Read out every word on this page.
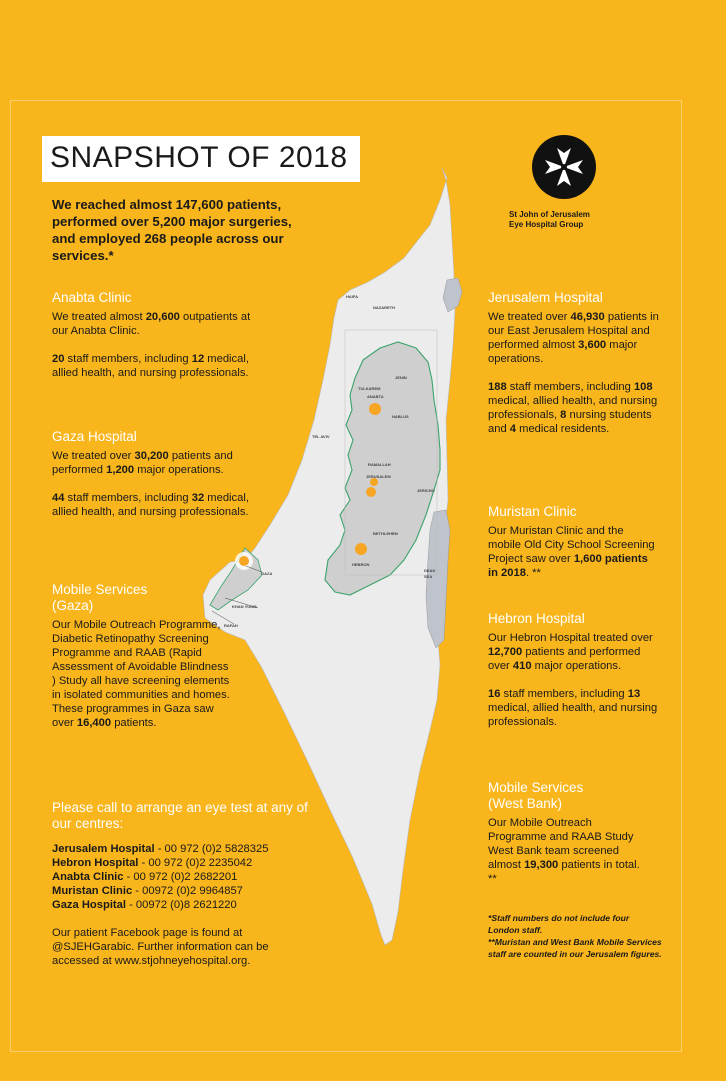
HAIFA
NAZARETH
JENIN
TULKAREM
ANABTA
NABLUS
TEL AVIV
RAMALLAH
JERUSALEM
JERICHO
BETHLEHEM
HEBRON
GAZA
KHAN YUNIS
RAFAH
DEAD
SEA
SNAPSHOT OF 2018
We reached almost 147,600 patients, performed over 5,200 major surgeries, and employed 268 people across our services.*
St John of Jerusalem
Eye Hospital Group
Anabta Clinic

We treated almost 20,600 outpatients at our Anabta Clinic.

20 staff members, including 12 medical, allied health, and nursing professionals.

Gaza Hospital

We treated over 30,200 patients and performed 1,200 major operations.

44 staff members, including 32 medical, allied health, and nursing professionals.

Mobile Services
(Gaza)

Our Mobile Outreach Programme, Diabetic Retinopathy Screening Programme and RAAB (Rapid Assessment of Avoidable Blindness ) Study all have screening elements in isolated communities and homes. These programmes in Gaza saw over 16,400 patients.

Please call to arrange an eye test at any of our centres:
Jerusalem Hospital - 00 972 (0)2 5828325
Hebron Hospital - 00 972 (0)2 2235042
Anabta Clinic - 00 972 (0)2 2682201
Muristan Clinic - 00972 (0)2 9964857
Gaza Hospital - 00972 (0)8 2621220

Our patient Facebook page is found at @SJEHGarabic. Further information can be accessed at www.stjohneyehospital.org.

Jerusalem Hospital

We treated over 46,930 patients in our East Jerusalem Hospital and performed almost 3,600 major operations.

188 staff members, including 108 medical, allied health, and nursing professionals, 8 nursing students and 4 medical residents.

Muristan Clinic

Our Muristan Clinic and the mobile Old City School Screening Project saw over 1,600 patients in 2018. **

Hebron Hospital

Our Hebron Hospital treated over 12,700 patients and performed over 410 major operations.

16 staff members, including 13 medical, allied health, and nursing professionals.

Mobile Services
(West Bank)

Our Mobile Outreach Programme and RAAB Study West Bank team screened almost 19,300 patients in total. **

*Staff numbers do not include four London staff.
**Muristan and West Bank Mobile Services staff are counted in our Jerusalem figures.
